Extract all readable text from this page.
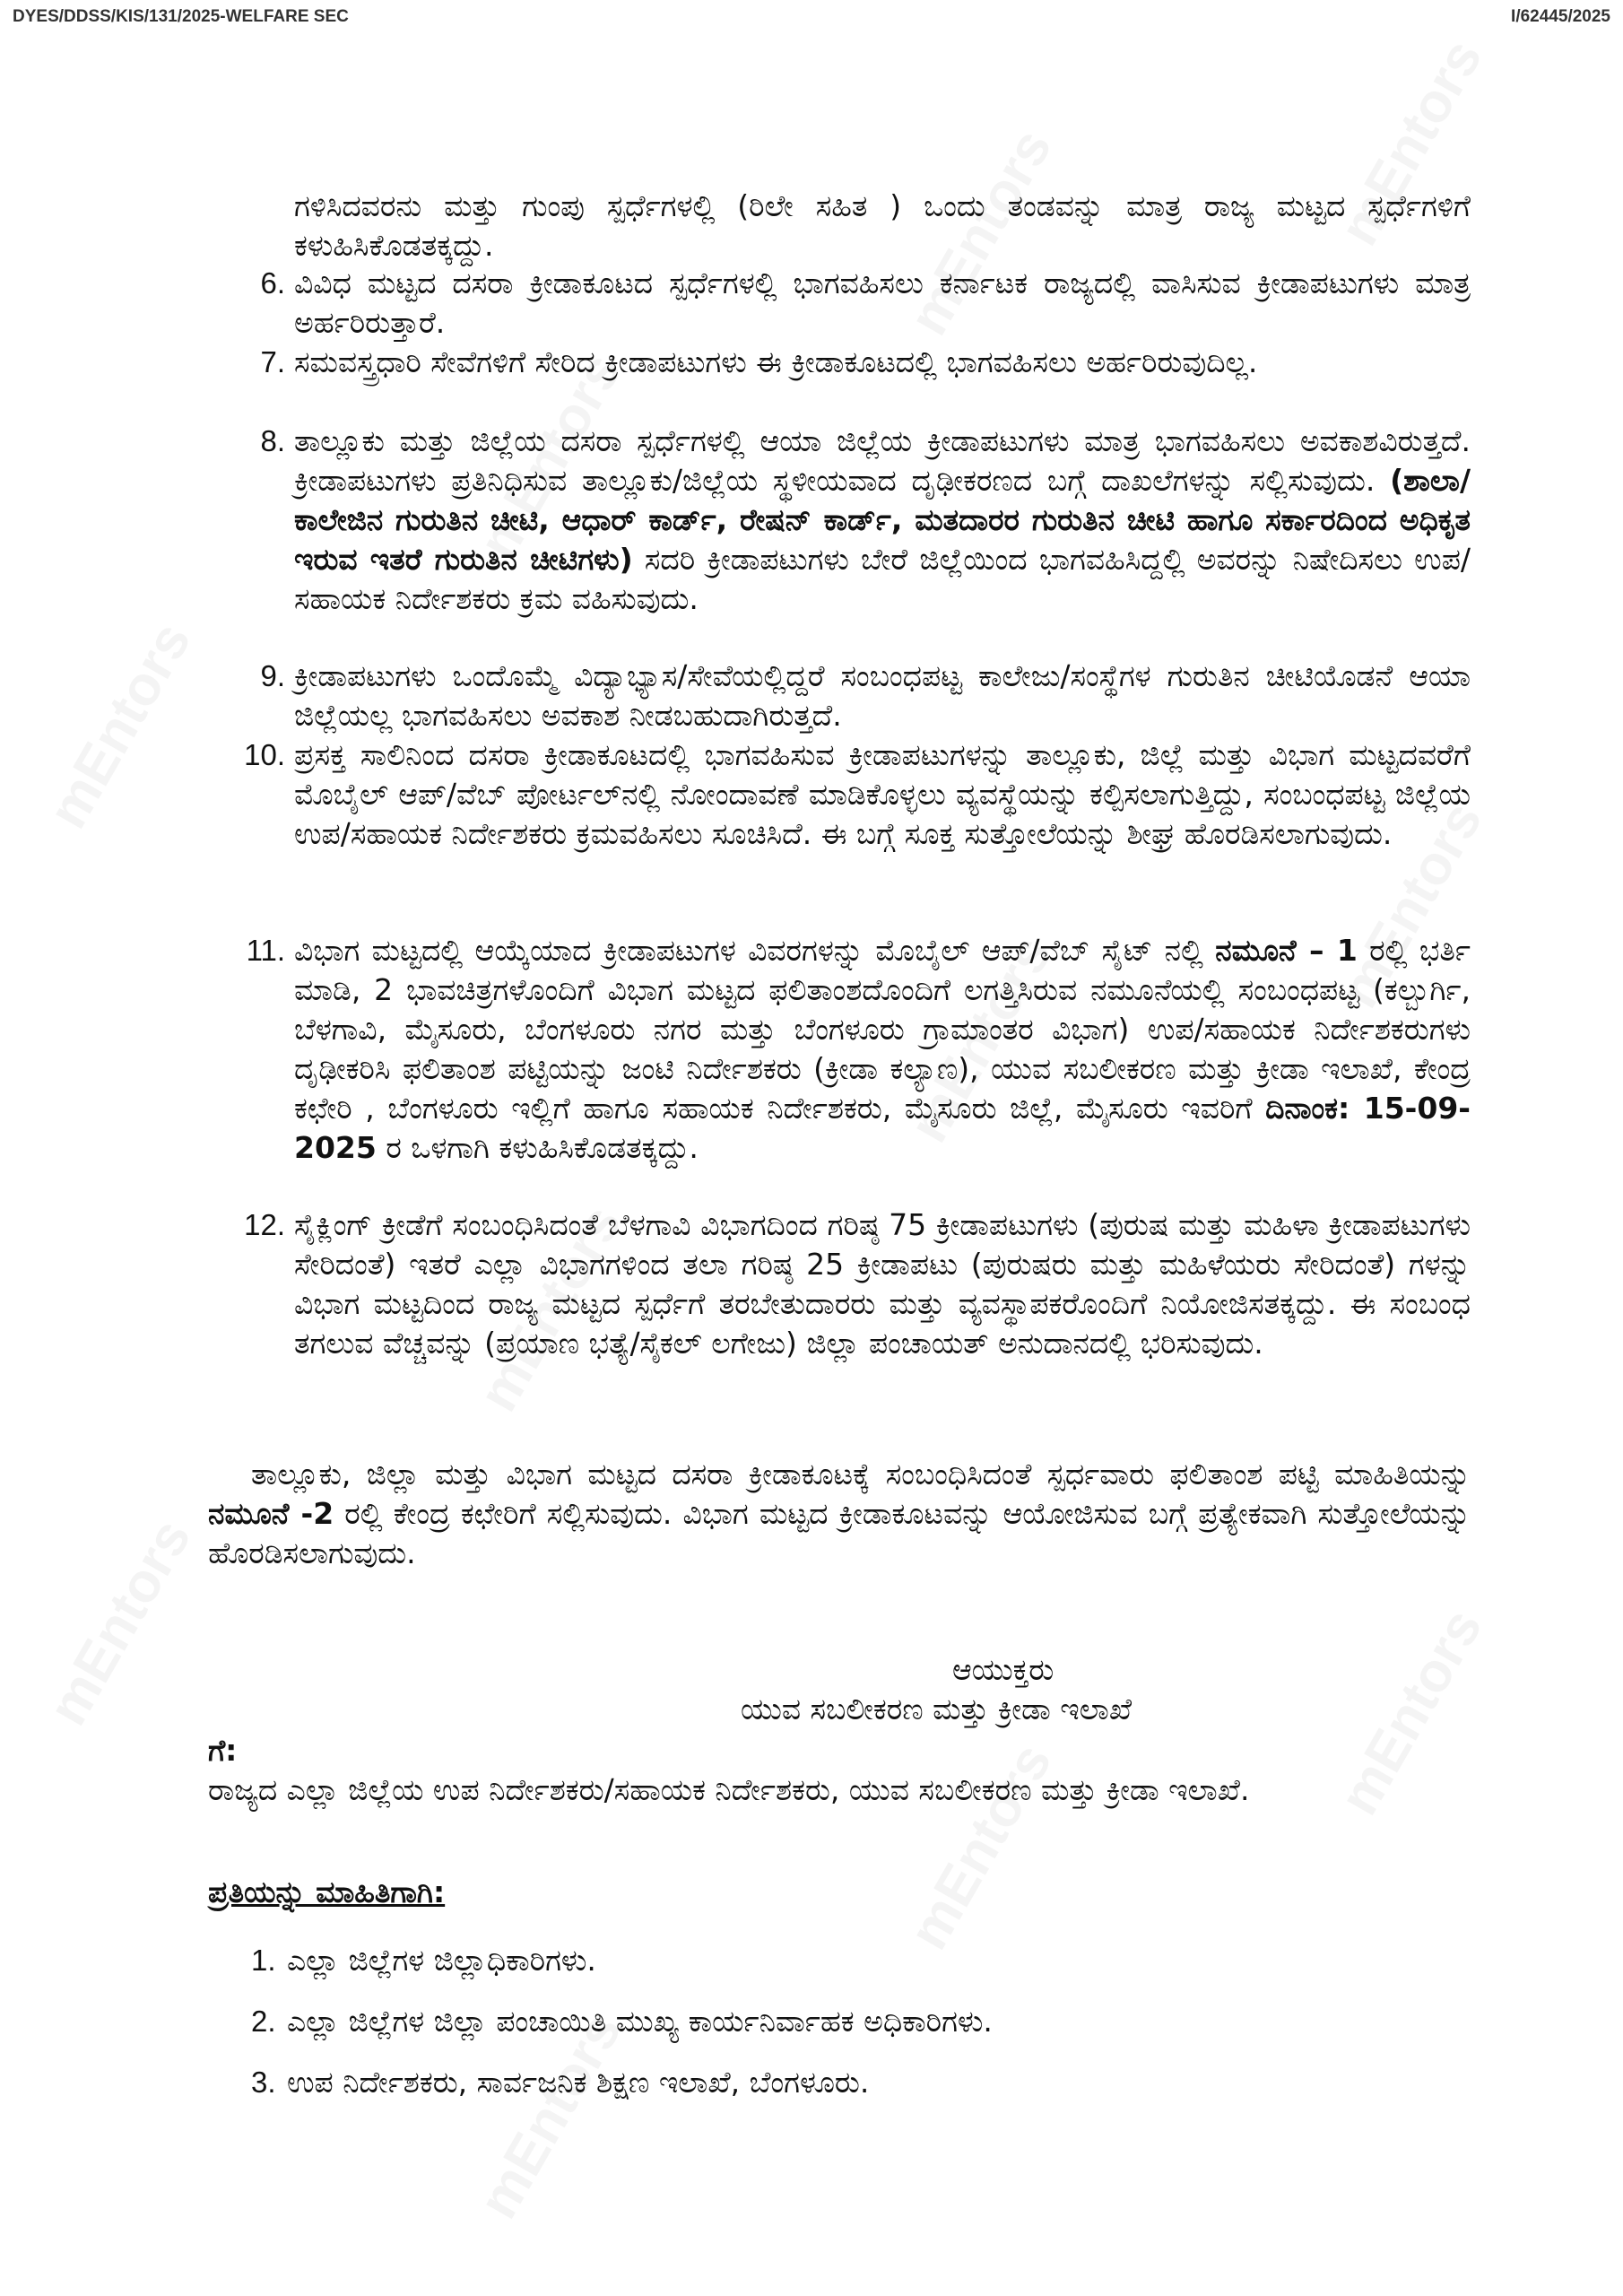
DYES/DDSS/KIS/131/2025-WELFARE SEC	I/62445/2025
ಗಳಿಸಿದವರನು ಮತ್ತು ಗುಂಪು ಸ್ಪರ್ಧೆಗಳಲ್ಲಿ (ರಿಲೇ ಸಹಿತ ) ಒಂದು ತಂಡವನ್ನು ಮಾತ್ರ ರಾಜ್ಯ ಮಟ್ಟದ ಸ್ಪರ್ಧೆಗಳಿಗೆ ಕಳುಹಿಸಿಕೊಡತಕ್ಕದ್ದು.
6. ವಿವಿಧ ಮಟ್ಟದ ದಸರಾ ಕ್ರೀಡಾಕೂಟದ ಸ್ಪರ್ಧೆಗಳಲ್ಲಿ ಭಾಗವಹಿಸಲು ಕರ್ನಾಟಕ ರಾಜ್ಯದಲ್ಲಿ ವಾಸಿಸುವ ಕ್ರೀಡಾಪಟುಗಳು ಮಾತ್ರ ಅರ್ಹರಿರುತ್ತಾರೆ.
7. ಸಮವಸ್ತ್ರಧಾರಿ ಸೇವೆಗಳಿಗೆ ಸೇರಿದ ಕ್ರೀಡಾಪಟುಗಳು ಈ ಕ್ರೀಡಾಕೂಟದಲ್ಲಿ ಭಾಗವಹಿಸಲು ಅರ್ಹರಿರುವುದಿಲ್ಲ.
8. ತಾಲ್ಲೂಕು ಮತ್ತು ಜಿಲ್ಲೆಯ ದಸರಾ ಸ್ಪರ್ಧೆಗಳಲ್ಲಿ ಆಯಾ ಜಿಲ್ಲೆಯ ಕ್ರೀಡಾಪಟುಗಳು ಮಾತ್ರ ಭಾಗವಹಿಸಲು ಅವಕಾಶವಿರುತ್ತದೆ. ಕ್ರೀಡಾಪಟುಗಳು ಪ್ರತಿನಿಧಿಸುವ ತಾಲ್ಲೂಕು/ಜಿಲ್ಲೆಯ ಸ್ಥಳೀಯವಾದ ದೃಢೀಕರಣದ ಬಗ್ಗೆ ದಾಖಲೆಗಳನ್ನು ಸಲ್ಲಿಸುವುದು. (ಶಾಲಾ/ಕಾಲೇಜಿನ ಗುರುತಿನ ಚೀಟಿ, ಆಧಾರ್ ಕಾರ್ಡ್, ರೇಷನ್ ಕಾರ್ಡ್, ಮತದಾರರ ಗುರುತಿನ ಚೀಟಿ ಹಾಗೂ ಸರ್ಕಾರದಿಂದ ಅಧಿಕೃತ ಇರುವ ಇತರೆ ಗುರುತಿನ ಚೀಟಿಗಳು) ಸದರಿ ಕ್ರೀಡಾಪಟುಗಳು ಬೇರೆ ಜಿಲ್ಲೆಯಿಂದ ಭಾಗವಹಿಸಿದ್ದಲ್ಲಿ ಅವರನ್ನು ನಿಷೇದಿಸಲು ಉಪ/ಸಹಾಯಕ ನಿರ್ದೇಶಕರು ಕ್ರಮ ವಹಿಸುವುದು.
9. ಕ್ರೀಡಾಪಟುಗಳು ಒಂದೊಮ್ಮೆ ವಿದ್ಯಾಭ್ಯಾಸ/ಸೇವೆಯಲ್ಲಿದ್ದರೆ ಸಂಬಂಧಪಟ್ಟ ಕಾಲೇಜು/ಸಂಸ್ಥೆಗಳ ಗುರುತಿನ ಚೀಟಿಯೊಡನೆ ಆಯಾ ಜಿಲ್ಲೆಯಲ್ಲ ಭಾಗವಹಿಸಲು ಅವಕಾಶ ನೀಡಬಹುದಾಗಿರುತ್ತದೆ.
10. ಪ್ರಸಕ್ತ ಸಾಲಿನಿಂದ ದಸರಾ ಕ್ರೀಡಾಕೂಟದಲ್ಲಿ ಭಾಗವಹಿಸುವ ಕ್ರೀಡಾಪಟುಗಳನ್ನು ತಾಲ್ಲೂಕು, ಜಿಲ್ಲೆ ಮತ್ತು ವಿಭಾಗ ಮಟ್ಟದವರೆಗೆ ಮೊಬೈಲ್ ಆಪ್/ವೆಬ್ ಪೋರ್ಟಲ್‌ನಲ್ಲಿ ನೋಂದಾವಣೆ ಮಾಡಿಕೊಳ್ಳಲು ವ್ಯವಸ್ಥೆಯನ್ನು ಕಲ್ಪಿಸಲಾಗುತ್ತಿದ್ದು, ಸಂಬಂಧಪಟ್ಟ ಜಿಲ್ಲೆಯ ಉಪ/ಸಹಾಯಕ ನಿರ್ದೇಶಕರು ಕ್ರಮವಹಿಸಲು ಸೂಚಿಸಿದೆ. ಈ ಬಗ್ಗೆ ಸೂಕ್ತ ಸುತ್ತೋಲೆಯನ್ನು ಶೀಘ್ರ ಹೊರಡಿಸಲಾಗುವುದು.
11. ವಿಭಾಗ ಮಟ್ಟದಲ್ಲಿ ಆಯ್ಕೆಯಾದ ಕ್ರೀಡಾಪಟುಗಳ ವಿವರಗಳನ್ನು ಮೊಬೈಲ್ ಆಪ್/ವೆಬ್ ಸೈಟ್ ನಲ್ಲಿ ನಮೂನೆ – 1 ರಲ್ಲಿ ಭರ್ತಿ ಮಾಡಿ, 2 ಭಾವಚಿತ್ರಗಳೊಂದಿಗೆ ವಿಭಾಗ ಮಟ್ಟದ ಫಲಿತಾಂಶದೊಂದಿಗೆ ಲಗತ್ತಿಸಿರುವ ನಮೂನೆಯಲ್ಲಿ ಸಂಬಂಧಪಟ್ಟ (ಕಲ್ಬುರ್ಗಿ, ಬೆಳಗಾವಿ, ಮೈಸೂರು, ಬೆಂಗಳೂರು ನಗರ ಮತ್ತು ಬೆಂಗಳೂರು ಗ್ರಾಮಾಂತರ ವಿಭಾಗ) ಉಪ/ಸಹಾಯಕ ನಿರ್ದೇಶಕರುಗಳು ದೃಢೀಕರಿಸಿ ಫಲಿತಾಂಶ ಪಟ್ಟಿಯನ್ನು ಜಂಟಿ ನಿರ್ದೇಶಕರು (ಕ್ರೀಡಾ ಕಲ್ಯಾಣ), ಯುವ ಸಬಲೀಕರಣ ಮತ್ತು ಕ್ರೀಡಾ ಇಲಾಖೆ, ಕೇಂದ್ರ ಕಛೇರಿ , ಬೆಂಗಳೂರು ಇಲ್ಲಿಗೆ ಹಾಗೂ ಸಹಾಯಕ ನಿರ್ದೇಶಕರು, ಮೈಸೂರು ಜಿಲ್ಲೆ, ಮೈಸೂರು ಇವರಿಗೆ ದಿನಾಂಕ: 15-09-2025 ರ ಒಳಗಾಗಿ ಕಳುಹಿಸಿಕೊಡತಕ್ಕದ್ದು.
12. ಸೈಕ್ಲಿಂಗ್ ಕ್ರೀಡೆಗೆ ಸಂಬಂಧಿಸಿದಂತೆ ಬೆಳಗಾವಿ ವಿಭಾಗದಿಂದ ಗರಿಷ್ಠ 75 ಕ್ರೀಡಾಪಟುಗಳು (ಪುರುಷ ಮತ್ತು ಮಹಿಳಾ ಕ್ರೀಡಾಪಟುಗಳು ಸೇರಿದಂತೆ) ಇತರೆ ಎಲ್ಲಾ ವಿಭಾಗಗಳಿಂದ ತಲಾ ಗರಿಷ್ಠ 25 ಕ್ರೀಡಾಪಟು (ಪುರುಷರು ಮತ್ತು ಮಹಿಳೆಯರು ಸೇರಿದಂತೆ) ಗಳನ್ನು ವಿಭಾಗ ಮಟ್ಟದಿಂದ ರಾಜ್ಯ ಮಟ್ಟದ ಸ್ಪರ್ಧೆಗೆ ತರಬೇತುದಾರರು ಮತ್ತು ವ್ಯವಸ್ಥಾಪಕರೊಂದಿಗೆ ನಿಯೋಜಿಸತಕ್ಕದ್ದು. ಈ ಸಂಬಂಧ ತಗಲುವ ವೆಚ್ಚವನ್ನು (ಪ್ರಯಾಣ ಭತ್ಯೆ/ಸೈಕಲ್ ಲಗೇಜು) ಜಿಲ್ಲಾ ಪಂಚಾಯತ್ ಅನುದಾನದಲ್ಲಿ ಭರಿಸುವುದು.
ತಾಲ್ಲೂಕು, ಜಿಲ್ಲಾ ಮತ್ತು ವಿಭಾಗ ಮಟ್ಟದ ದಸರಾ ಕ್ರೀಡಾಕೂಟಕ್ಕೆ ಸಂಬಂಧಿಸಿದಂತೆ ಸ್ಪರ್ಧವಾರು ಫಲಿತಾಂಶ ಪಟ್ಟಿ ಮಾಹಿತಿಯನ್ನು ನಮೂನೆ -2 ರಲ್ಲಿ ಕೇಂದ್ರ ಕಛೇರಿಗೆ ಸಲ್ಲಿಸುವುದು. ವಿಭಾಗ ಮಟ್ಟದ ಕ್ರೀಡಾಕೂಟವನ್ನು ಆಯೋಜಿಸುವ ಬಗ್ಗೆ ಪ್ರತ್ಯೇಕವಾಗಿ ಸುತ್ತೋಲೆಯನ್ನು ಹೊರಡಿಸಲಾಗುವುದು.
ಆಯುಕ್ತರು
ಯುವ ಸಬಲೀಕರಣ ಮತ್ತು ಕ್ರೀಡಾ ಇಲಾಖೆ
ಗೆ:
ರಾಜ್ಯದ ಎಲ್ಲಾ ಜಿಲ್ಲೆಯ ಉಪ ನಿರ್ದೇಶಕರು/ಸಹಾಯಕ ನಿರ್ದೇಶಕರು, ಯುವ ಸಬಲೀಕರಣ ಮತ್ತು ಕ್ರೀಡಾ ಇಲಾಖೆ.
ಪ್ರತಿಯನ್ನು ಮಾಹಿತಿಗಾಗಿ:
1. ಎಲ್ಲಾ ಜಿಲ್ಲೆಗಳ ಜಿಲ್ಲಾಧಿಕಾರಿಗಳು.
2. ಎಲ್ಲಾ ಜಿಲ್ಲೆಗಳ ಜಿಲ್ಲಾ ಪಂಚಾಯಿತಿ ಮುಖ್ಯ ಕಾರ್ಯನಿರ್ವಾಹಕ ಅಧಿಕಾರಿಗಳು.
3. ಉಪ ನಿರ್ದೇಶಕರು, ಸಾರ್ವಜನಿಕ ಶಿಕ್ಷಣ ಇಲಾಖೆ, ಬೆಂಗಳೂರು.
